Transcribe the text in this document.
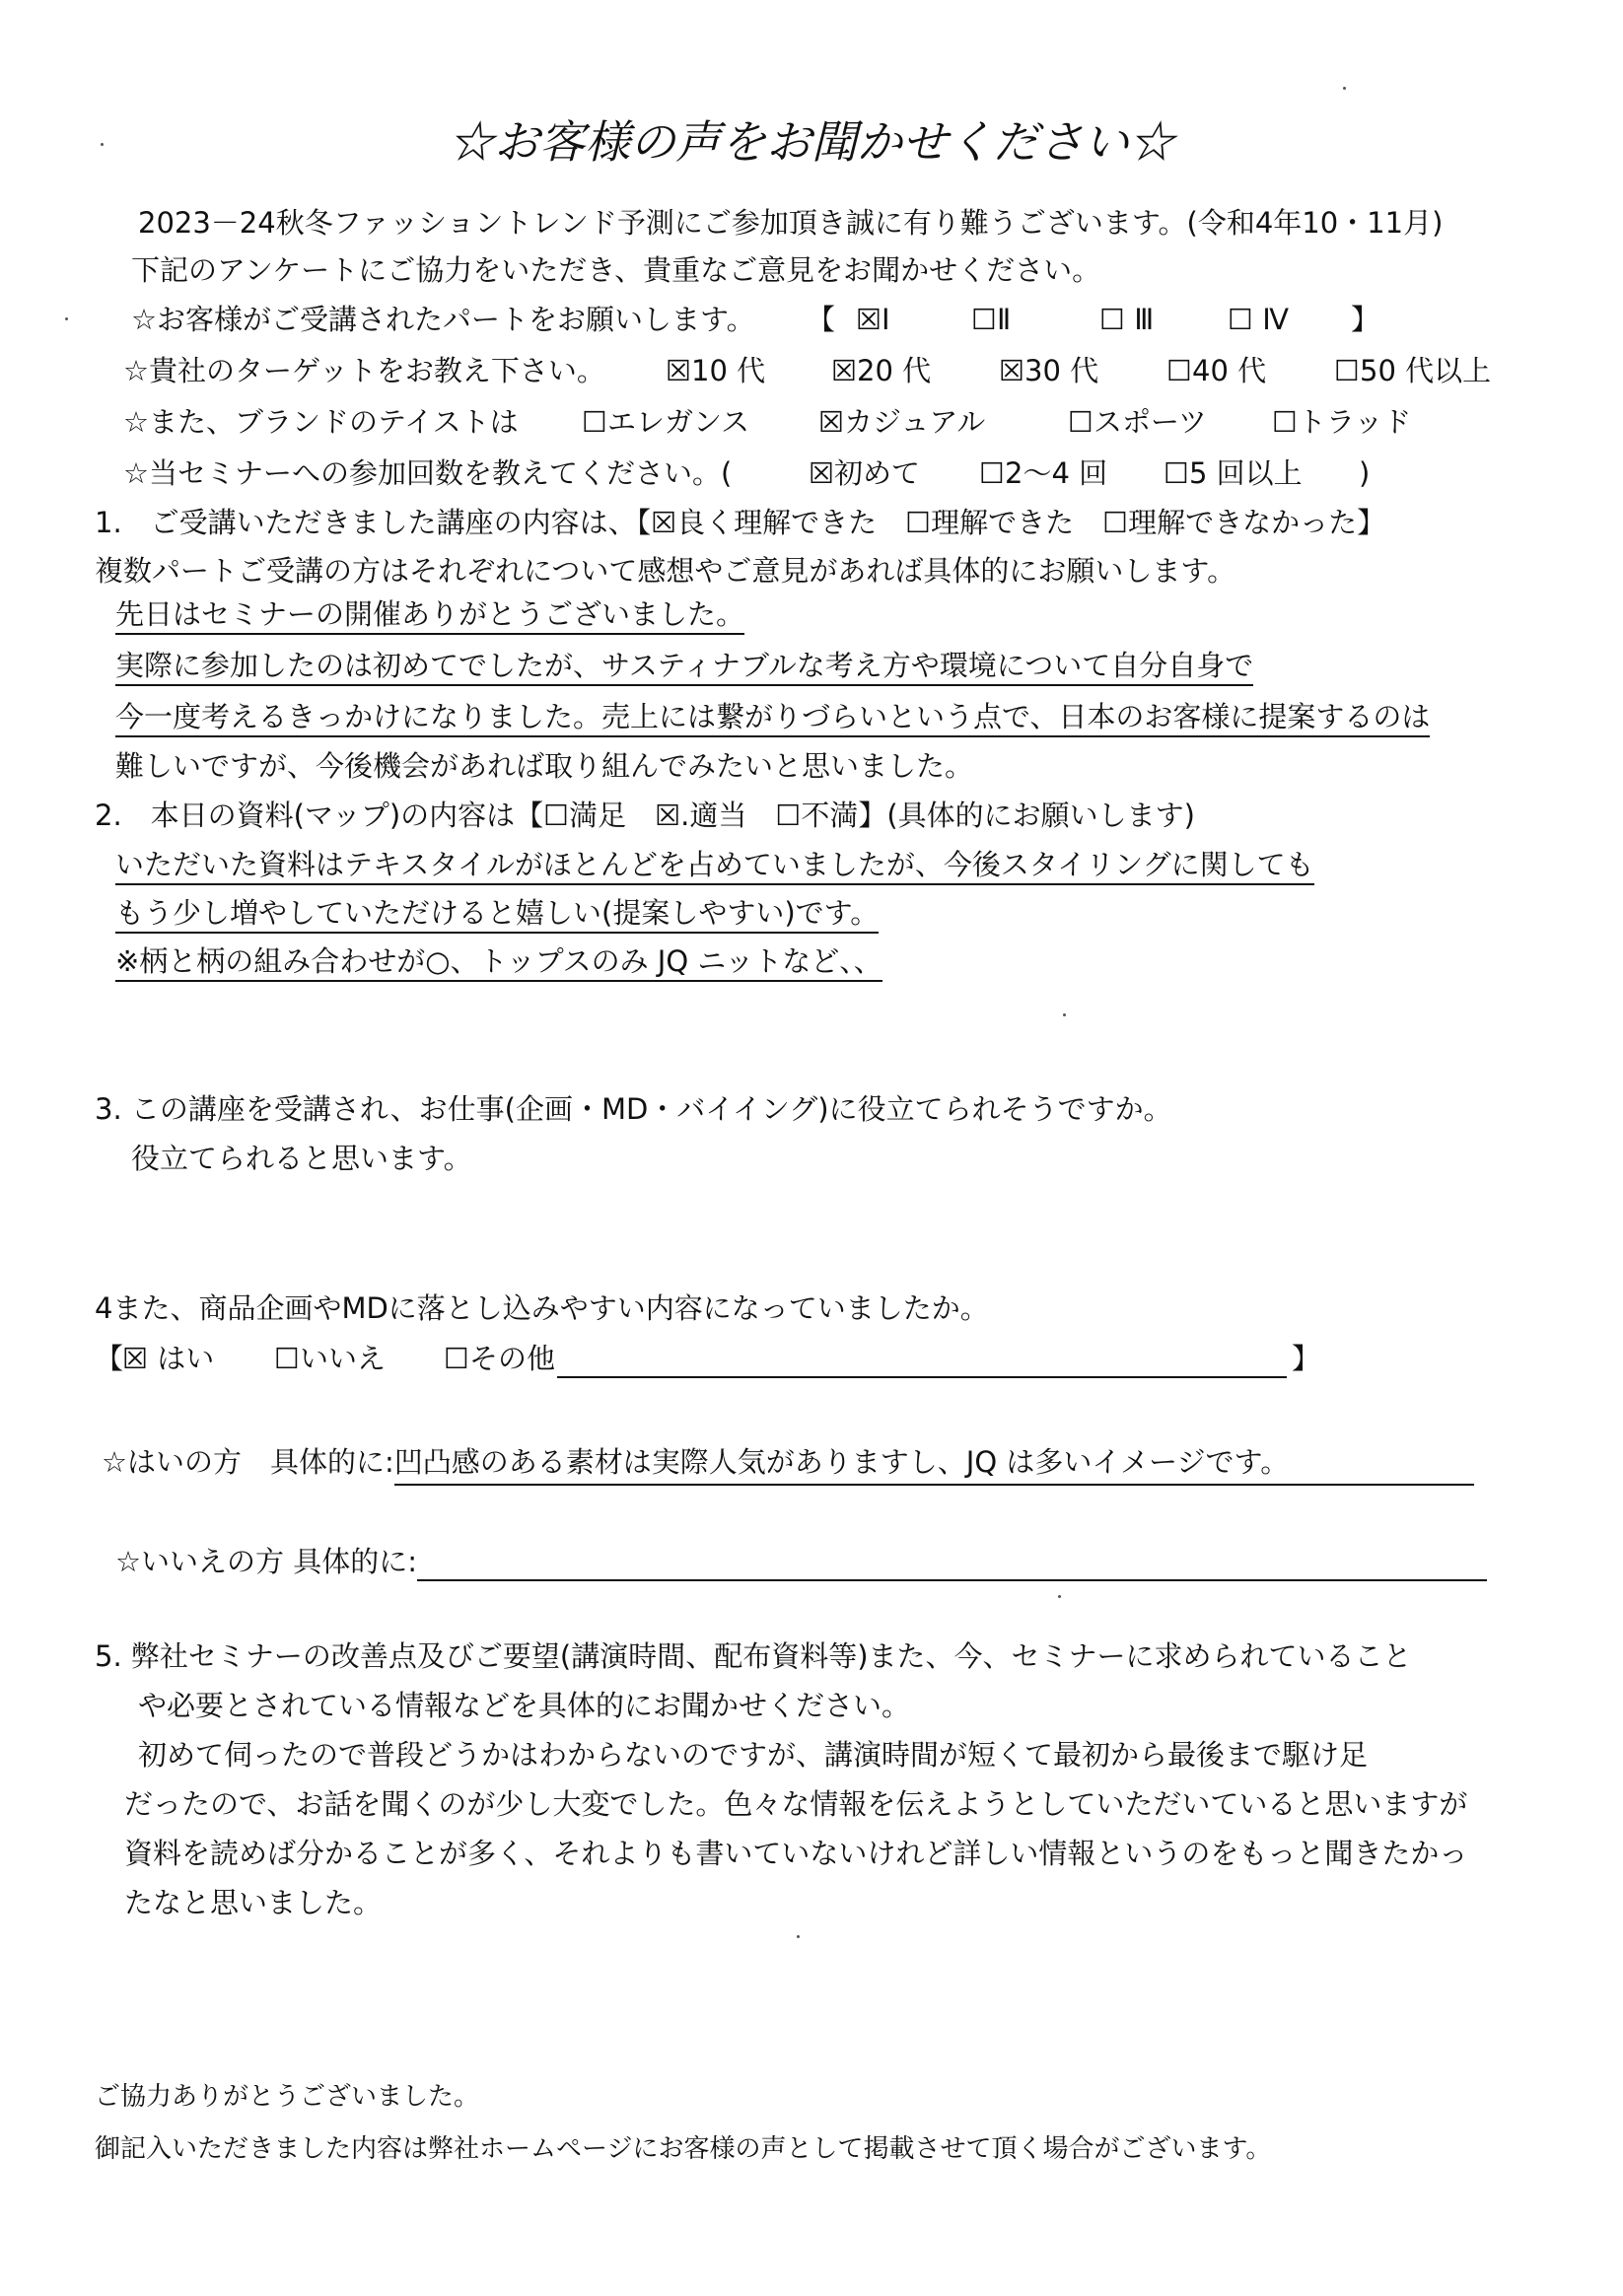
☆お客様の声をお聞かせください☆
2023－24秋冬ファッショントレンド予測にご参加頂き誠に有り難うございます。(令和4年10・11月)
下記のアンケートにご協力をいただき、貴重なご意見をお聞かせください。
☆お客様がご受講されたパートをお願いします。 【 ☒Ⅰ	☐Ⅱ	☐ Ⅲ	☐ Ⅳ 】
☆貴社のターゲットをお教え下さい。 ☒10 代 ☒20 代 ☒30 代 ☐40 代 ☐50 代以上
☆また、ブランドのテイストは ☐エレガンス ☒カジュアル	☐スポーツ ☐トラッド
☆当セミナーへの参加回数を教えてください。(	☒初めて ☐2～4 回 ☐5 回以上 )
1.　ご受講いただきました講座の内容は、【☒良く理解できた　☐理解できた　☐理解できなかった】
複数パートご受講の方はそれぞれについて感想やご意見があれば具体的にお願いします。
先日はセミナーの開催ありがとうございました。
実際に参加したのは初めてでしたが、サスティナブルな考え方や環境について自分自身で
今一度考えるきっかけになりました。売上には繋がりづらいという点で、日本のお客様に提案するのは
難しいですが、今後機会があれば取り組んでみたいと思いました。
2.　本日の資料(マップ)の内容は【☐満足　☒.適当　☐不満】(具体的にお願いします)
いただいた資料はテキスタイルがほとんどを占めていましたが、今後スタイリングに関しても
もう少し増やしていただけると嬉しい(提案しやすい)です。
※柄と柄の組み合わせが○、トップスのみ JQ ニットなど、、
3. この講座を受講され、お仕事(企画・MD・バイイング)に役立てられそうですか。
役立てられると思います。
4また、商品企画やMDに落とし込みやすい内容になっていましたか。
【
☒ はい ☐いいえ ☐その他	】
☆はいの方　具体的に:凹凸感のある素材は実際人気がありますし、JQ は多いイメージです。
☆いいえの方 具体的に:
5. 弊社セミナーの改善点及びご要望(講演時間、配布資料等)また、今、セミナーに求められていること
や必要とされている情報などを具体的にお聞かせください。
初めて伺ったので普段どうかはわからないのですが、講演時間が短くて最初から最後まで駆け足
だったので、お話を聞くのが少し大変でした。色々な情報を伝えようとしていただいていると思いますが
資料を読めば分かることが多く、それよりも書いていないけれど詳しい情報というのをもっと聞きたかっ
たなと思いました。
ご協力ありがとうございました。
御記入いただきました内容は弊社ホームページにお客様の声として掲載させて頂く場合がございます。
